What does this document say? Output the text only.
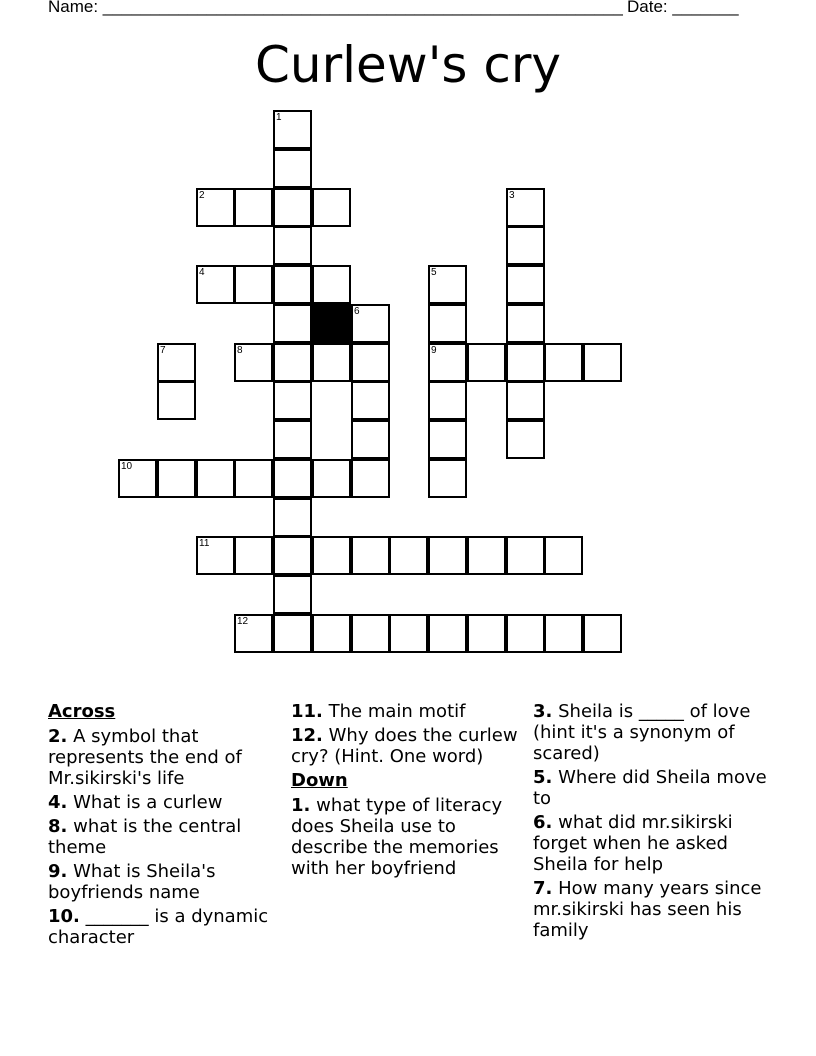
Name: _______________________________________________________ Date: _______
Curlew's cry
1
2	3
4	5
9
6
7	8
10
11
12
Across
2. A symbol that represents the end of Mr.sikirski's life
4. What is a curlew
8. what is the central theme
9. What is Sheila's boyfriends name
10. _______ is a dynamic character
11. The main motif
12. Why does the curlew cry? (Hint. One word)
Down
1. what type of literacy does Sheila use to describe the memories with her boyfriend
3. Sheila is _____ of love (hint it's a synonym of scared)
5. Where did Sheila move to
6. what did mr.sikirski forget when he asked Sheila for help
7. How many years since mr.sikirski has seen his family
